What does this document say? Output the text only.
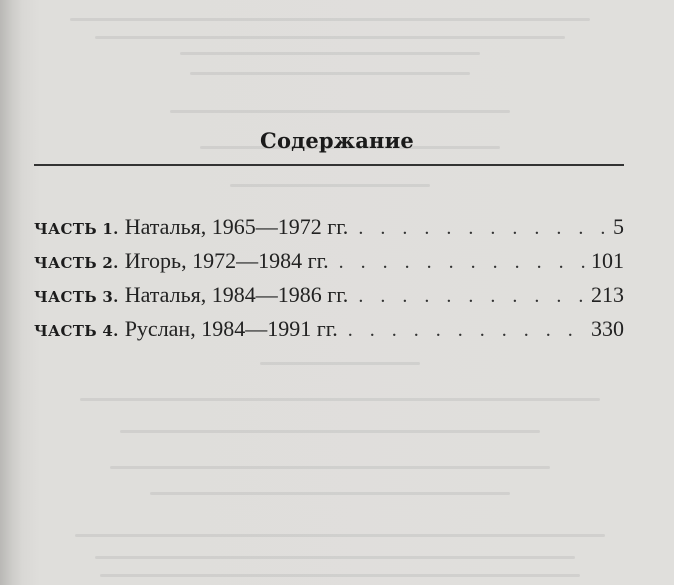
Содержание
ЧАСТЬ 1. Наталья, 1965—1972 гг. . . .	5
ЧАСТЬ 2. Игорь, 1972—1984 гг. . . .	101
ЧАСТЬ 3. Наталья, 1984—1986 гг. . . .	213
ЧАСТЬ 4. Руслан, 1984—1991 гг. . . .	330
